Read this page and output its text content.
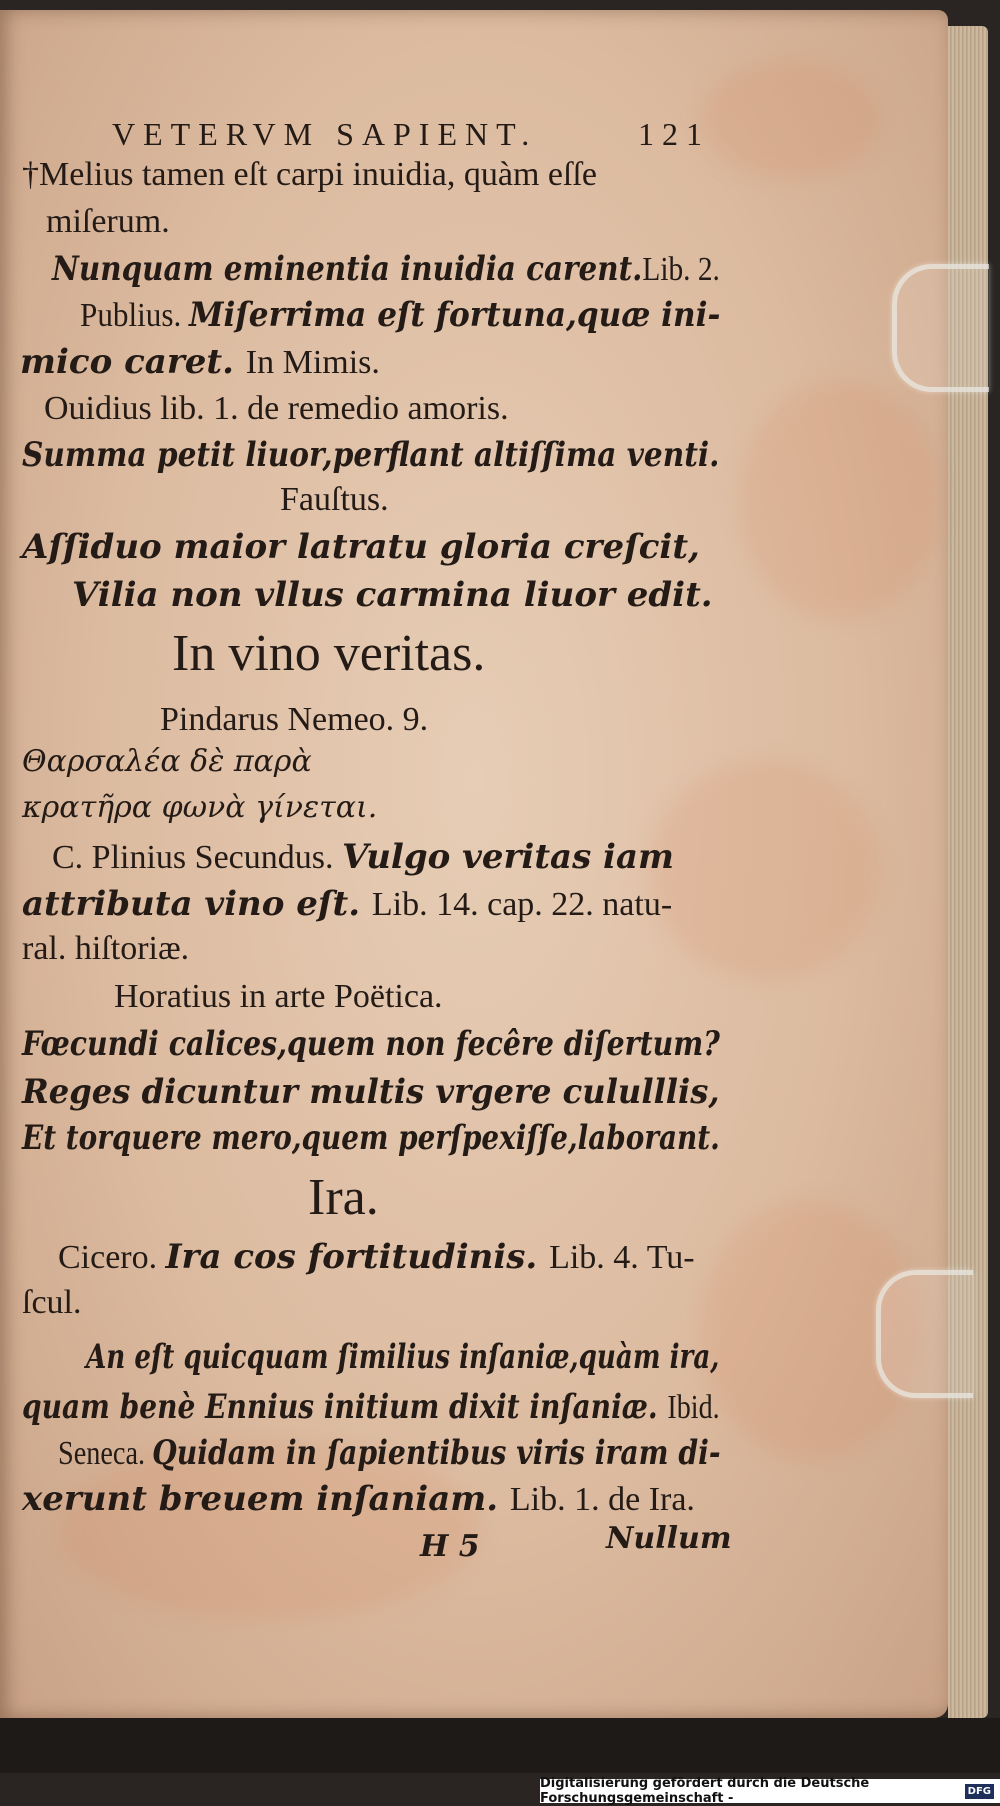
VETERVM SAPIENT.	121
†Melius tamen eſt carpi inuidia, quàm eſſe
miſerum.
Nunquam eminentia inuidia carent.Lib. 2.
Publius. Miſerrima eſt fortuna,quæ ini-
mico caret. In Mimis.
Ouidius lib. 1. de remedio amoris.
Summa petit liuor,perflant altiſſima venti.
Fauſtus.
Aſſiduo maior latratu gloria creſcit,
Vilia non vllus carmina liuor edit.
In vino veritas.
Pindarus Nemeo. 9.
Θαρσαλέα δὲ παρὰ
κρατῆρα φωνὰ γίνεται.
C. Plinius Secundus. Vulgo veritas iam
attributa vino eſt. Lib. 14. cap. 22. natu-
ral. hiſtoriæ.
Horatius in arte Poëtica.
Fœcundi calices,quem non fecêre diſertum?
Reges dicuntur multis vrgere cululllis,
Et torquere mero,quem perſpexiſſe,laborant.
Ira.
Cicero. Ira cos fortitudinis. Lib. 4. Tu-
ſcul.
An eſt quicquam ſimilius inſaniæ,quàm ira,
quam benè Ennius initium dixit inſaniæ. Ibid.
Seneca. Quidam in ſapientibus viris iram di-
xerunt breuem inſaniam. Lib. 1. de Ira.
H 5	Nullum
Digitalisierung gefördert durch die Deutsche Forschungsgemeinschaft -	DFG
